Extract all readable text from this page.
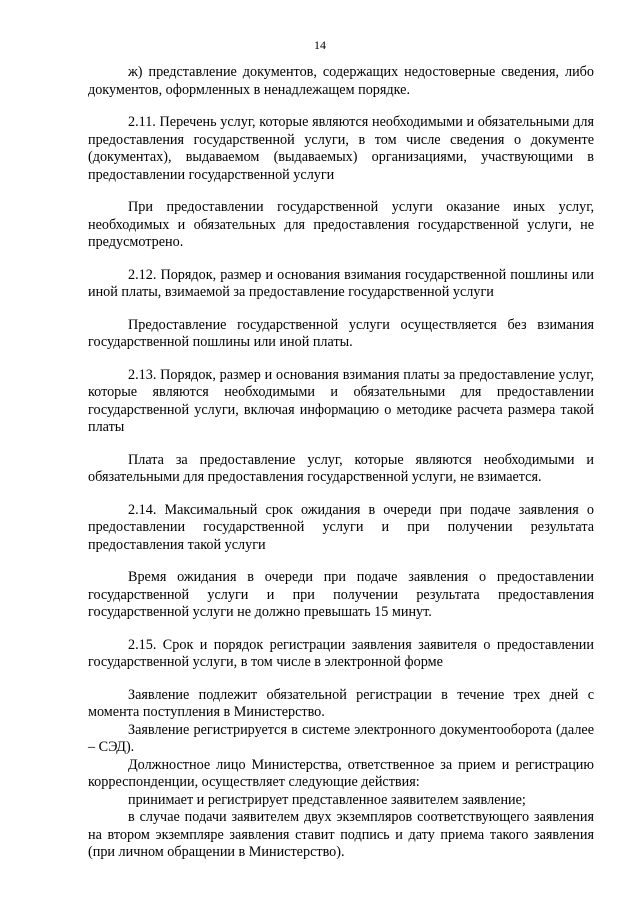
14

ж) представление документов, содержащих недостоверные сведения, либо документов, оформленных в ненадлежащем порядке.

2.11. Перечень услуг, которые являются необходимыми и обязательными для предоставления государственной услуги, в том числе сведения о документе (документах), выдаваемом (выдаваемых) организациями, участвующими в предоставлении государственной услуги

При предоставлении государственной услуги оказание иных услуг, необходимых и обязательных для предоставления государственной услуги, не предусмотрено.

2.12. Порядок, размер и основания взимания государственной пошлины или иной платы, взимаемой за предоставление государственной услуги

Предоставление государственной услуги осуществляется без взимания государственной пошлины или иной платы.

2.13. Порядок, размер и основания взимания платы за предоставление услуг, которые являются необходимыми и обязательными для предоставлении государственной услуги, включая информацию о методике расчета размера такой платы

Плата за предоставление услуг, которые являются необходимыми и обязательными для предоставления государственной услуги, не взимается.

2.14. Максимальный срок ожидания в очереди при подаче заявления о предоставлении государственной услуги и при получении результата предоставления такой услуги

Время ожидания в очереди при подаче заявления о предоставлении государственной услуги и при получении результата предоставления государственной услуги не должно превышать 15 минут.

2.15. Срок и порядок регистрации заявления заявителя о предоставлении государственной услуги, в том числе в электронной форме

Заявление подлежит обязательной регистрации в течение трех дней с момента поступления в Министерство.

Заявление регистрируется в системе электронного документооборота (далее – СЭД).

Должностное лицо Министерства, ответственное за прием и регистрацию корреспонденции, осуществляет следующие действия:

принимает и регистрирует представленное заявителем заявление;

в случае подачи заявителем двух экземпляров соответствующего заявления на втором экземпляре заявления ставит подпись и дату приема такого заявления (при личном обращении в Министерство).
